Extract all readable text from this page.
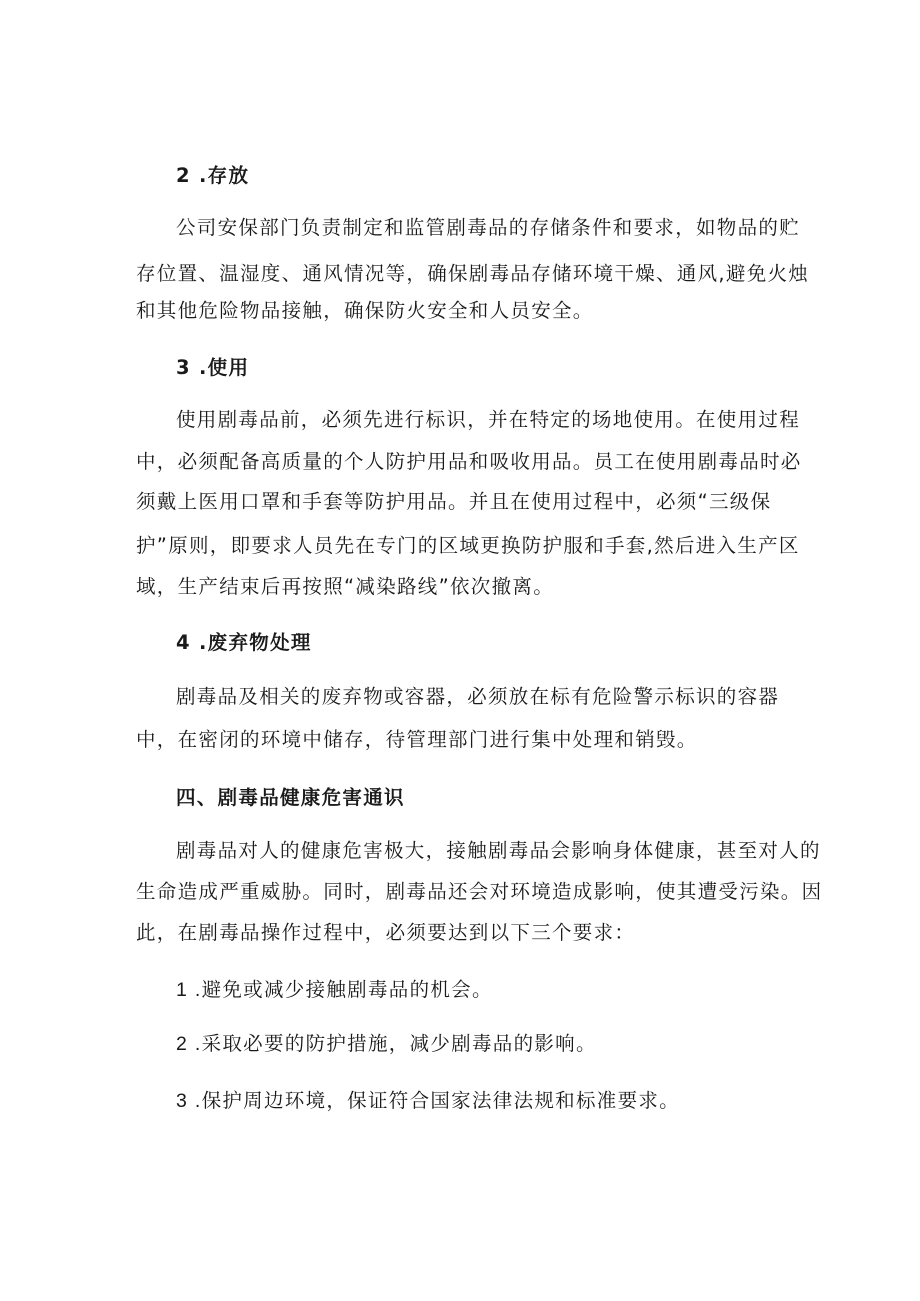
2 .存放
公司安保部门负责制定和监管剧毒品的存储条件和要求，如物品的贮
存位置、温湿度、通风情况等，确保剧毒品存储环境干燥、通风,避免火烛
和其他危险物品接触，确保防火安全和人员安全。
3 .使用
使用剧毒品前，必须先进行标识，并在特定的场地使用。在使用过程
中，必须配备高质量的个人防护用品和吸收用品。员工在使用剧毒品时必
须戴上医用口罩和手套等防护用品。并且在使用过程中，必须“三级保
护”原则，即要求人员先在专门的区域更换防护服和手套,然后进入生产区
域，生产结束后再按照“减染路线”依次撤离。
4 .废弃物处理
剧毒品及相关的废弃物或容器，必须放在标有危险警示标识的容器
中，在密闭的环境中储存，待管理部门进行集中处理和销毁。
四、剧毒品健康危害通识
剧毒品对人的健康危害极大，接触剧毒品会影响身体健康，甚至对人的
生命造成严重威胁。同时，剧毒品还会对环境造成影响，使其遭受污染。因
此，在剧毒品操作过程中，必须要达到以下三个要求：
1 .避免或减少接触剧毒品的机会。
2 .采取必要的防护措施，减少剧毒品的影响。
3 .保护周边环境，保证符合国家法律法规和标准要求。
